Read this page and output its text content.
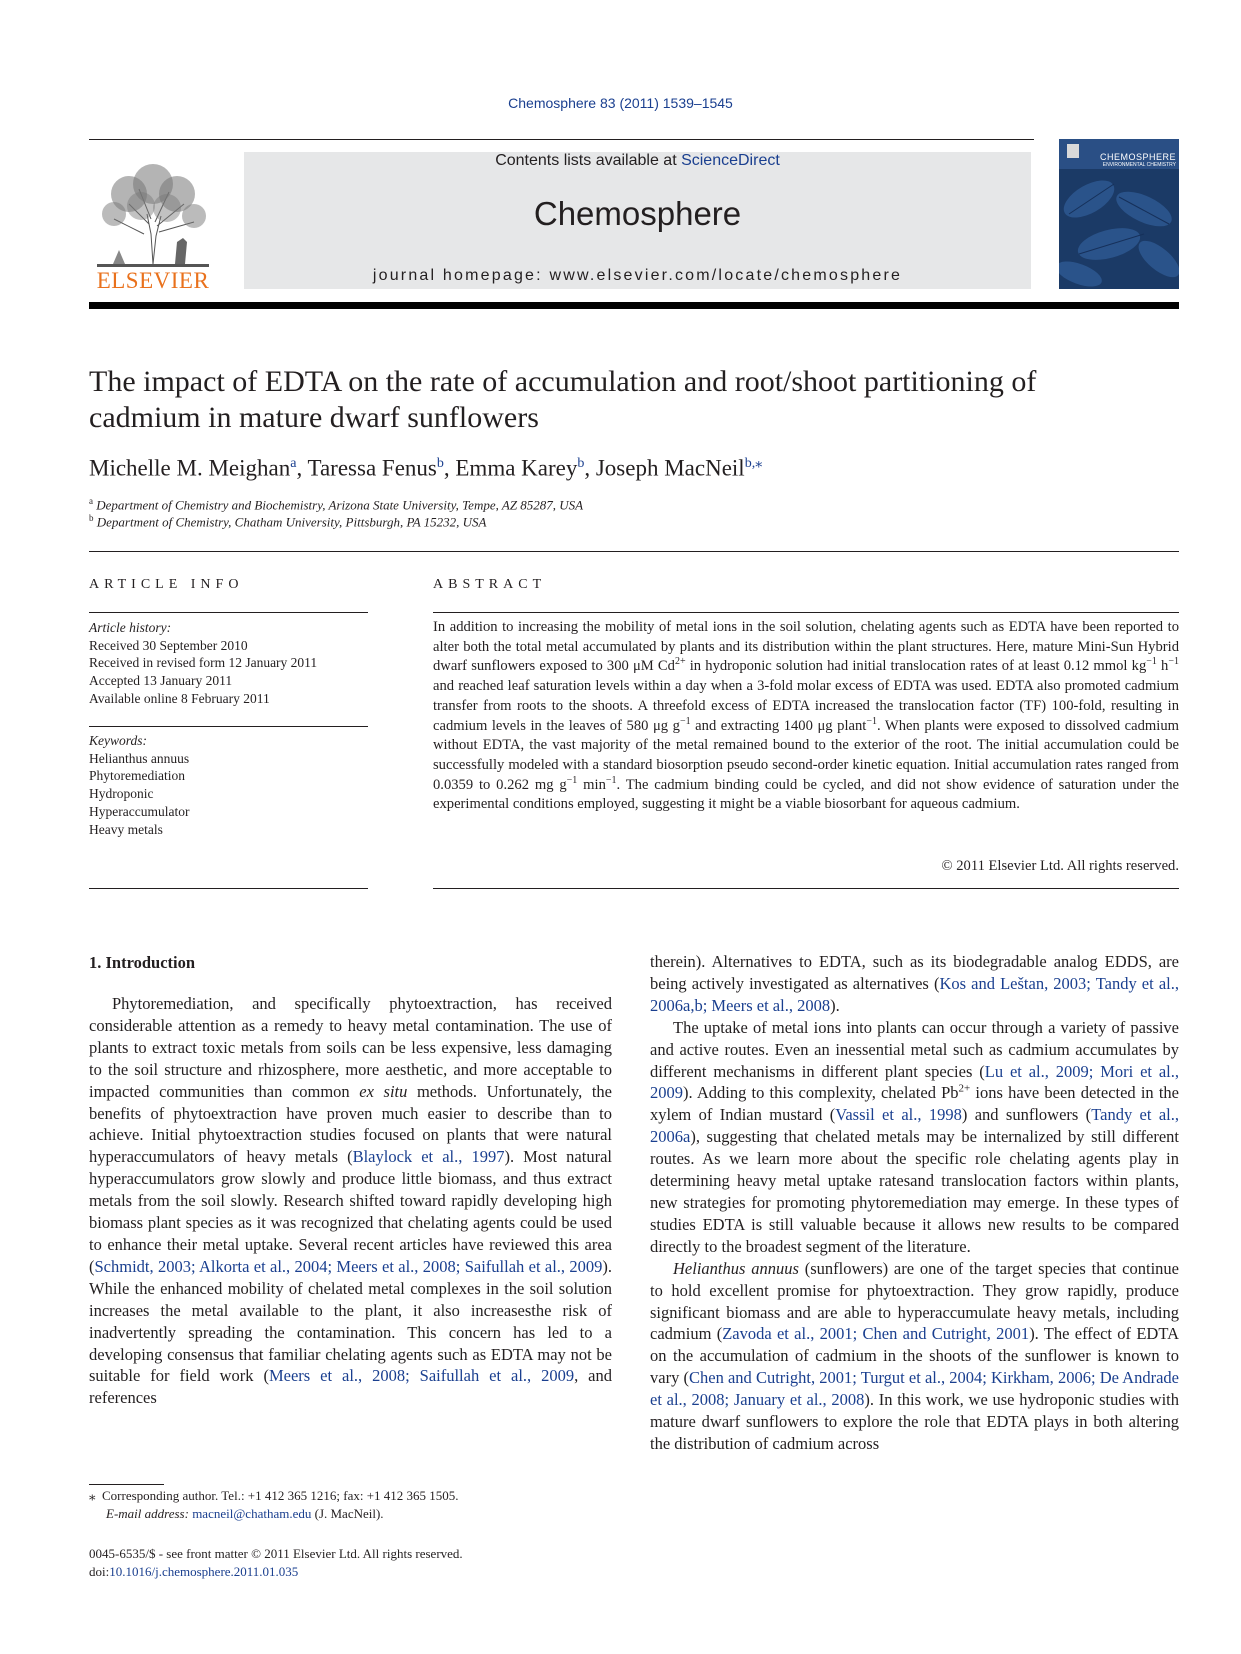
Chemosphere 83 (2011) 1539–1545
ELSEVIER
Contents lists available at ScienceDirect
Chemosphere
journal homepage: www.elsevier.com/locate/chemosphere
CHEMOSPHERE
ENVIRONMENTAL CHEMISTRY
The impact of EDTA on the rate of accumulation and root/shoot partitioning of cadmium in mature dwarf sunflowers
Michelle M. Meighan$^a$, Taressa Fenus$^b$, Emma Karey$^b$, Joseph MacNeil$^{b,⁎}$
$^a$ Department of Chemistry and Biochemistry, Arizona State University, Tempe, AZ 85287, USA
$^b$ Department of Chemistry, Chatham University, Pittsburgh, PA 15232, USA
ARTICLE INFO
Article history:
Received 30 September 2010
Received in revised form 12 January 2011
Accepted 13 January 2011
Available online 8 February 2011
Keywords:
Helianthus annuus
Phytoremediation
Hydroponic
Hyperaccumulator
Heavy metals
ABSTRACT
In addition to increasing the mobility of metal ions in the soil solution, chelating agents such as EDTA have been reported to alter both the total metal accumulated by plants and its distribution within the plant structures. Here, mature Mini-Sun Hybrid dwarf sunflowers exposed to 300 μM $Cd^{2+}$ in hydroponic solution had initial translocation rates of at least 0.12 mmol $kg^{-1}$ $h^{-1}$ and reached leaf saturation levels within a day when a 3-fold molar excess of EDTA was used. EDTA also promoted cadmium transfer from roots to the shoots. A threefold excess of EDTA increased the translocation factor (TF) 100-fold, resulting in cadmium levels in the leaves of 580 μg $g^{-1}$ and extracting 1400 μg plant$^{-1}$. When plants were exposed to dissolved cadmium without EDTA, the vast majority of the metal remained bound to the exterior of the root. The initial accumulation could be successfully modeled with a standard biosorption pseudo second-order kinetic equation. Initial accumulation rates ranged from 0.0359 to 0.262 mg $g^{-1}$ $\min^{-1}$. The cadmium binding could be cycled, and did not show evidence of saturation under the experimental conditions employed, suggesting it might be a viable biosorbant for aqueous cadmium.
© 2011 Elsevier Ltd. All rights reserved.
1. Introduction

Phytoremediation, and specifically phytoextraction, has received considerable attention as a remedy to heavy metal contamination. The use of plants to extract toxic metals from soils can be less expensive, less damaging to the soil structure and rhizosphere, more aesthetic, and more acceptable to impacted communities than common ex situ methods. Unfortunately, the benefits of phytoextraction have proven much easier to describe than to achieve. Initial phytoextraction studies focused on plants that were natural hyperaccumulators of heavy metals (Blaylock et al., 1997). Most natural hyperaccumulators grow slowly and produce little biomass, and thus extract metals from the soil slowly. Research shifted toward rapidly developing high biomass plant species as it was recognized that chelating agents could be used to enhance their metal uptake. Several recent articles have reviewed this area (Schmidt, 2003; Alkorta et al., 2004; Meers et al., 2008; Saifullah et al., 2009). While the enhanced mobility of chelated metal complexes in the soil solution increases the metal available to the plant, it also increasesthe risk of inadvertently spreading the contamination. This concern has led to a developing consensus that familiar chelating agents such as EDTA may not be suitable for field work (Meers et al., 2008; Saifullah et al., 2009, and references

therein). Alternatives to EDTA, such as its biodegradable analog EDDS, are being actively investigated as alternatives (Kos and Leštan, 2003; Tandy et al., 2006a,b; Meers et al., 2008).

The uptake of metal ions into plants can occur through a variety of passive and active routes. Even an inessential metal such as cadmium accumulates by different mechanisms in different plant species (Lu et al., 2009; Mori et al., 2009). Adding to this complexity, chelated $Pb^{2+}$ ions have been detected in the xylem of Indian mustard (Vassil et al., 1998) and sunflowers (Tandy et al., 2006a), suggesting that chelated metals may be internalized by still different routes. As we learn more about the specific role chelating agents play in determining heavy metal uptake ratesand translocation factors within plants, new strategies for promoting phytoremediation may emerge. In these types of studies EDTA is still valuable because it allows new results to be compared directly to the broadest segment of the literature.

Helianthus annuus (sunflowers) are one of the target species that continue to hold excellent promise for phytoextraction. They grow rapidly, produce significant biomass and are able to hyperaccumulate heavy metals, including cadmium (Zavoda et al., 2001; Chen and Cutright, 2001). The effect of EDTA on the accumulation of cadmium in the shoots of the sunflower is known to vary (Chen and Cutright, 2001; Turgut et al., 2004; Kirkham, 2006; De Andrade et al., 2008; January et al., 2008). In this work, we use hydroponic studies with mature dwarf sunflowers to explore the role that EDTA plays in both altering the distribution of cadmium across

⁎ Corresponding author. Tel.: +1 412 365 1216; fax: +1 412 365 1505.
E-mail address: macneil@chatham.edu (J. MacNeil).
0045-6535/$ - see front matter © 2011 Elsevier Ltd. All rights reserved.
doi:10.1016/j.chemosphere.2011.01.035
